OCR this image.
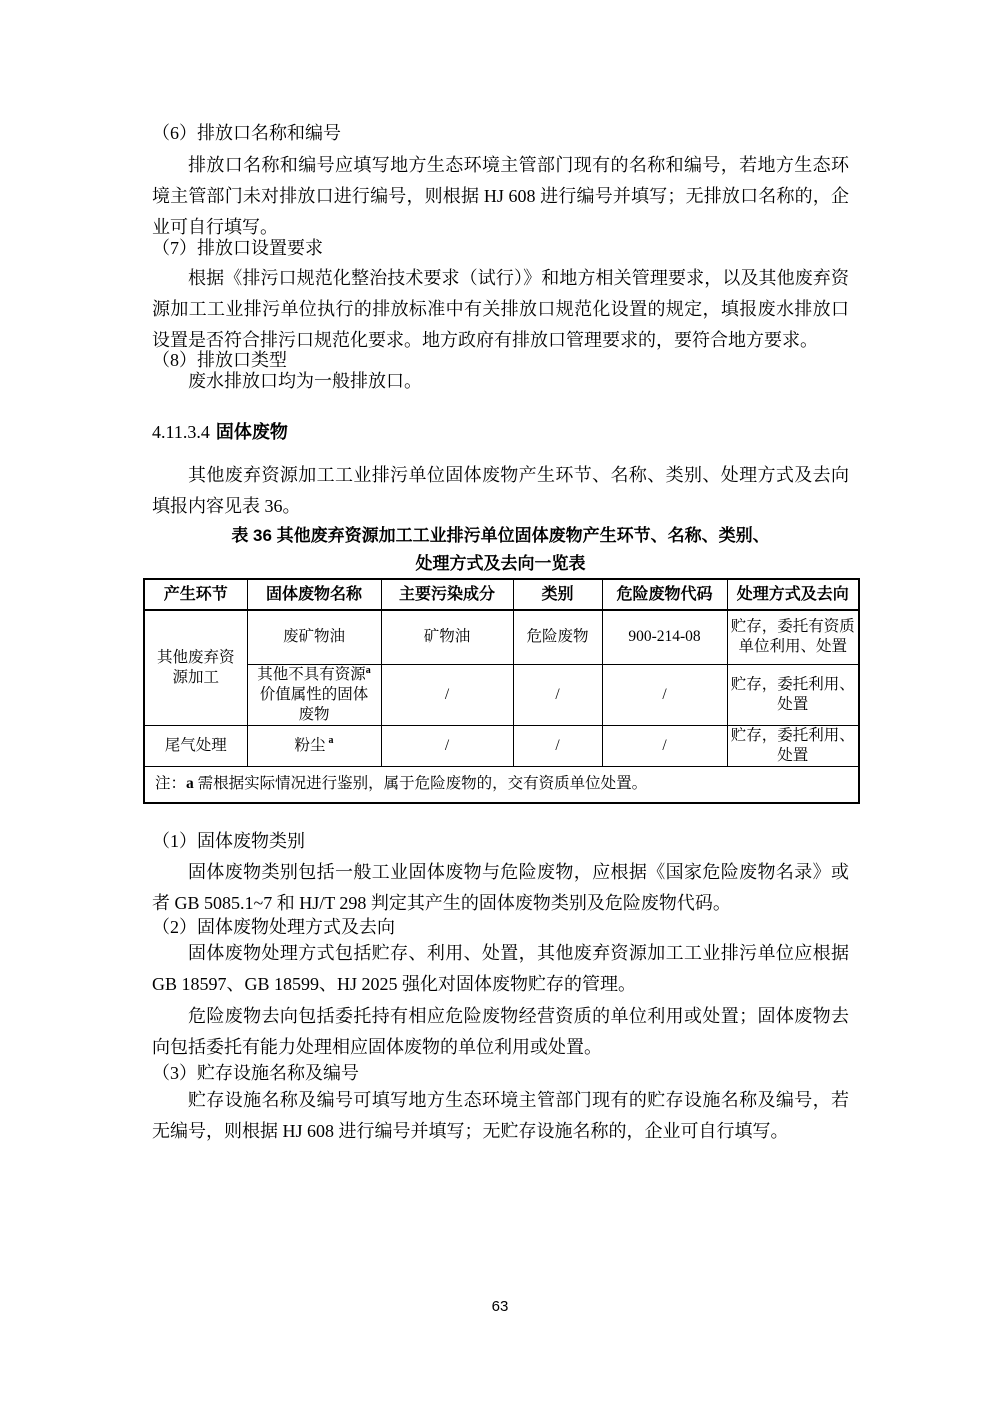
（6）排放口名称和编号
排放口名称和编号应填写地方生态环境主管部门现有的名称和编号，若地方生态环境主管部门未对排放口进行编号，则根据 HJ 608 进行编号并填写；无排放口名称的，企业可自行填写。
（7）排放口设置要求
根据《排污口规范化整治技术要求（试行）》和地方相关管理要求，以及其他废弃资源加工工业排污单位执行的排放标准中有关排放口规范化设置的规定，填报废水排放口设置是否符合排污口规范化要求。地方政府有排放口管理要求的，要符合地方要求。
（8）排放口类型
废水排放口均为一般排放口。
4.11.3.4 固体废物
其他废弃资源加工工业排污单位固体废物产生环节、名称、类别、处理方式及去向填报内容见表 36。
表 36 其他废弃资源加工工业排污单位固体废物产生环节、名称、类别、
处理方式及去向一览表
产生环节	固体废物名称	主要污染成分	类别	危险废物代码	处理方式及去向
其他废弃资源加工	废矿物油	矿物油	危险废物	900-214-08	贮存，委托有资质单位利用、处置
	其他不具有资源$^a$价值属性的固体废物	/	/	/	贮存，委托利用、处置
尾气处理	粉尘 $^a$	/	/	/	贮存，委托利用、处置
注：a 需根据实际情况进行鉴别，属于危险废物的，交有资质单位处置。					
（1）固体废物类别
固体废物类别包括一般工业固体废物与危险废物，应根据《国家危险废物名录》或者 GB 5085.1~7 和 HJ/T 298 判定其产生的固体废物类别及危险废物代码。
（2）固体废物处理方式及去向
固体废物处理方式包括贮存、利用、处置，其他废弃资源加工工业排污单位应根据 GB 18597、GB 18599、HJ 2025 强化对固体废物贮存的管理。
危险废物去向包括委托持有相应危险废物经营资质的单位利用或处置；固体废物去向包括委托有能力处理相应固体废物的单位利用或处置。
（3）贮存设施名称及编号
贮存设施名称及编号可填写地方生态环境主管部门现有的贮存设施名称及编号，若无编号，则根据 HJ 608 进行编号并填写；无贮存设施名称的，企业可自行填写。
63
